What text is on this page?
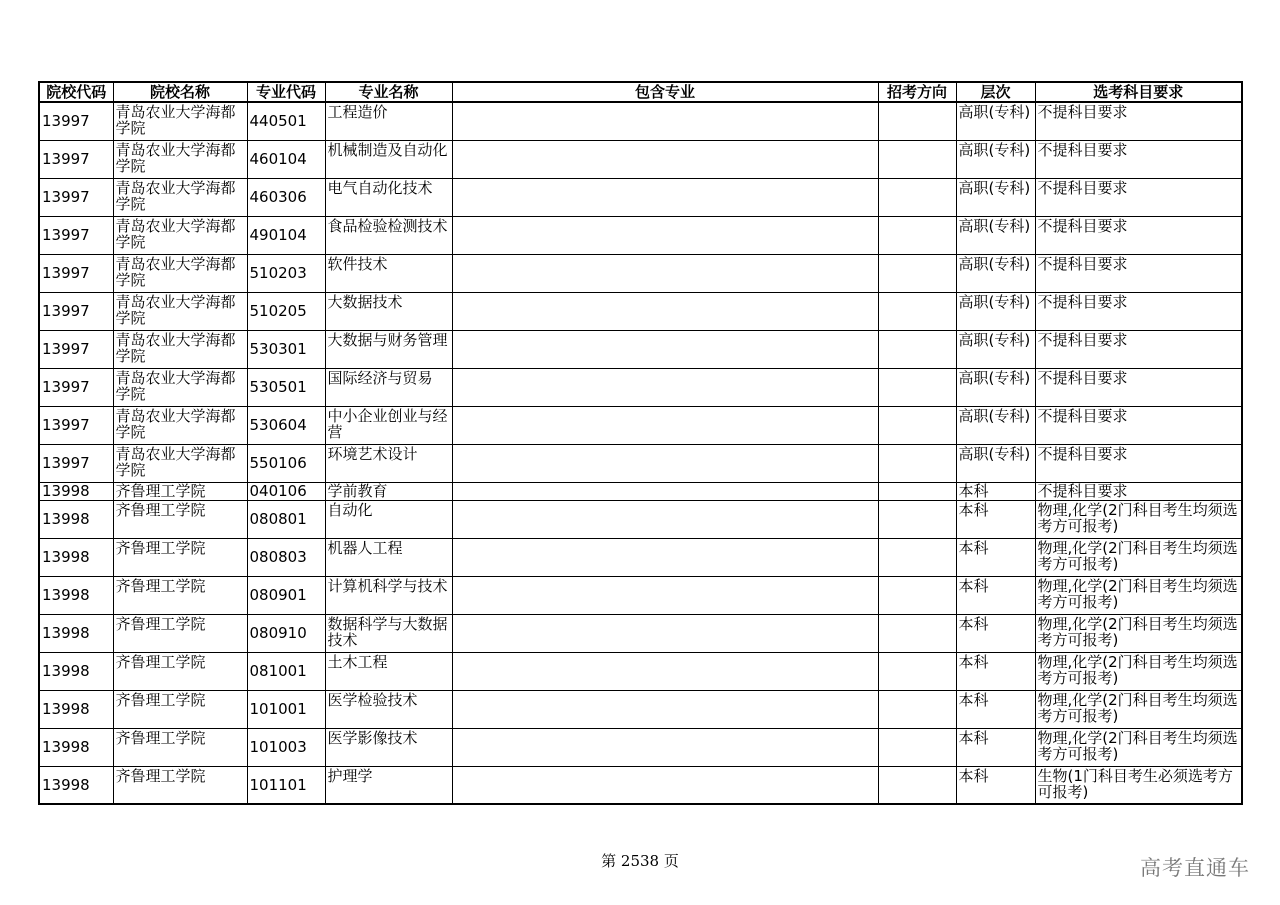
院校代码	院校名称	专业代码	专业名称	包含专业	招考方向	层次	选考科目要求
13997	青岛农业大学海都学院	440501	工程造价			高职(专科)	不提科目要求
13997	青岛农业大学海都学院	460104	机械制造及自动化			高职(专科)	不提科目要求
13997	青岛农业大学海都学院	460306	电气自动化技术			高职(专科)	不提科目要求
13997	青岛农业大学海都学院	490104	食品检验检测技术			高职(专科)	不提科目要求
13997	青岛农业大学海都学院	510203	软件技术			高职(专科)	不提科目要求
13997	青岛农业大学海都学院	510205	大数据技术			高职(专科)	不提科目要求
13997	青岛农业大学海都学院	530301	大数据与财务管理			高职(专科)	不提科目要求
13997	青岛农业大学海都学院	530501	国际经济与贸易			高职(专科)	不提科目要求
13997	青岛农业大学海都学院	530604	中小企业创业与经营			高职(专科)	不提科目要求
13997	青岛农业大学海都学院	550106	环境艺术设计			高职(专科)	不提科目要求
13998	齐鲁理工学院	040106	学前教育			本科	不提科目要求
13998	齐鲁理工学院	080801	自动化			本科	物理,化学(2门科目考生均须选考方可报考)
13998	齐鲁理工学院	080803	机器人工程			本科	物理,化学(2门科目考生均须选考方可报考)
13998	齐鲁理工学院	080901	计算机科学与技术			本科	物理,化学(2门科目考生均须选考方可报考)
13998	齐鲁理工学院	080910	数据科学与大数据技术			本科	物理,化学(2门科目考生均须选考方可报考)
13998	齐鲁理工学院	081001	土木工程			本科	物理,化学(2门科目考生均须选考方可报考)
13998	齐鲁理工学院	101001	医学检验技术			本科	物理,化学(2门科目考生均须选考方可报考)
13998	齐鲁理工学院	101003	医学影像技术			本科	物理,化学(2门科目考生均须选考方可报考)
13998	齐鲁理工学院	101101	护理学			本科	生物(1门科目考生必须选考方可报考)
第 2538 页	高考直通车
